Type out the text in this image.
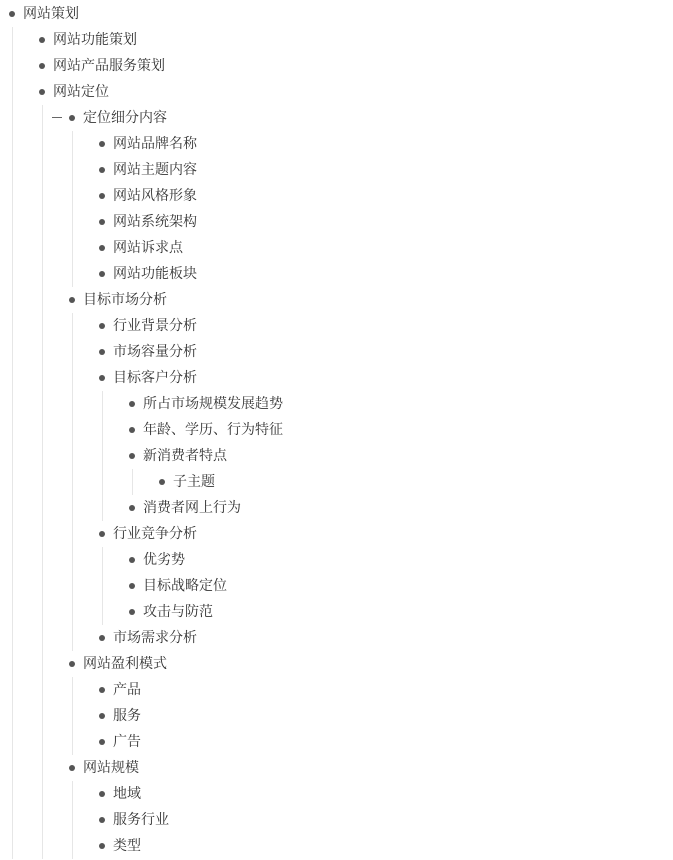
网站策划
网站功能策划
网站产品服务策划
网站定位
定位细分内容
网站品牌名称
网站主题内容
网站风格形象
网站系统架构
网站诉求点
网站功能板块
目标市场分析
行业背景分析
市场容量分析
目标客户分析
所占市场规模发展趋势
年龄、学历、行为特征
新消费者特点
子主题
消费者网上行为
行业竞争分析
优劣势
目标战略定位
攻击与防范
市场需求分析
网站盈利模式
产品
服务
广告
网站规模
地域
服务行业
类型
